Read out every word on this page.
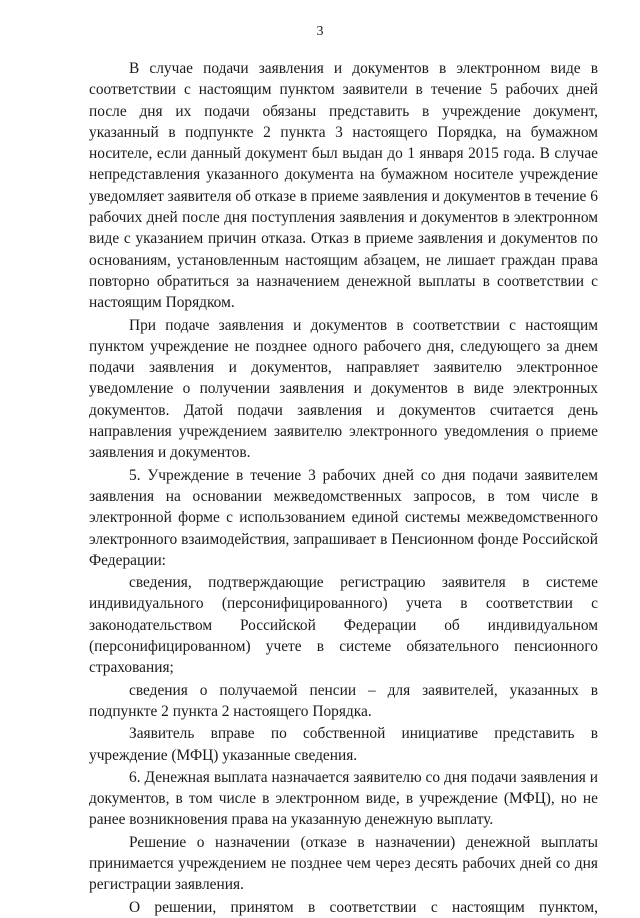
3

В случае подачи заявления и документов в электронном виде в соответствии с настоящим пунктом заявители в течение 5 рабочих дней после дня их подачи обязаны представить в учреждение документ, указанный в подпункте 2 пункта 3 настоящего Порядка, на бумажном носителе, если данный документ был выдан до 1 января 2015 года. В случае непредставления указанного документа на бумажном носителе учреждение уведомляет заявителя об отказе в приеме заявления и документов в течение 6 рабочих дней после дня поступления заявления и документов в электронном виде с указанием причин отказа. Отказ в приеме заявления и документов по основаниям, установленным настоящим абзацем, не лишает граждан права повторно обратиться за назначением денежной выплаты в соответствии с настоящим Порядком.

При подаче заявления и документов в соответствии с настоящим пунктом учреждение не позднее одного рабочего дня, следующего за днем подачи заявления и документов, направляет заявителю электронное уведомление о получении заявления и документов в виде электронных документов. Датой подачи заявления и документов считается день направления учреждением заявителю электронного уведомления о приеме заявления и документов.

5. Учреждение в течение 3 рабочих дней со дня подачи заявителем заявления на основании межведомственных запросов, в том числе в электронной форме с использованием единой системы межведомственного электронного взаимодействия, запрашивает в Пенсионном фонде Российской Федерации:

сведения, подтверждающие регистрацию заявителя в системе индивидуального (персонифицированного) учета в соответствии с законодательством Российской Федерации об индивидуальном (персонифицированном) учете в системе обязательного пенсионного страхования;

сведения о получаемой пенсии – для заявителей, указанных в подпункте 2 пункта 2 настоящего Порядка.

Заявитель вправе по собственной инициативе представить в учреждение (МФЦ) указанные сведения.

6. Денежная выплата назначается заявителю со дня подачи заявления и документов, в том числе в электронном виде, в учреждение (МФЦ), но не ранее возникновения права на указанную денежную выплату.

Решение о назначении (отказе в назначении) денежной выплаты принимается учреждением не позднее чем через десять рабочих дней со дня регистрации заявления.

О решении, принятом в соответствии с настоящим пунктом,
